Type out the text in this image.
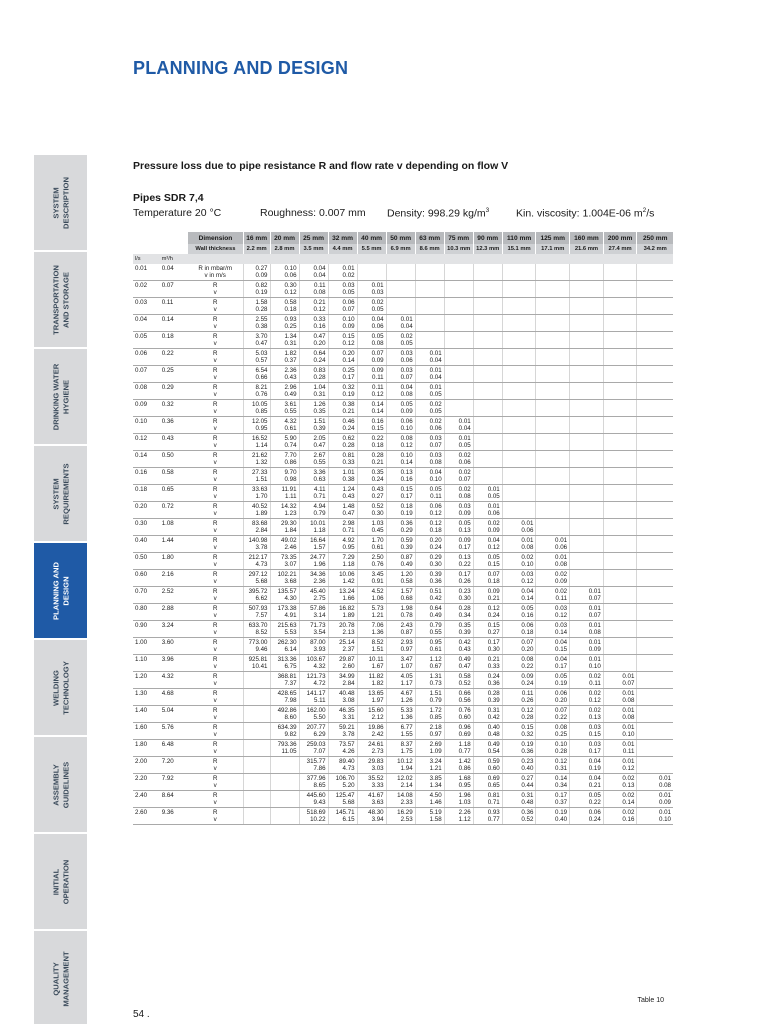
PLANNING AND DESIGN
SYSTEM
DESCRIPTION
TRANSPORTATION
AND STORAGE
DRINKING WATER
HYGIENE
SYSTEM
REQUIREMENTS
PLANNING AND
DESIGN
WELDING
TECHNOLOGY
ASSEMBLY
GUIDELINES
INITIAL
OPERATION
QUALITY
MANAGEMENT
Pressure loss due to pipe resistance R and flow rate v depending on flow V
Pipes SDR 7,4
Temperature 20 °C	Roughness: 0.007 mm Density: 998.29 $kg/m^3$	Kin. viscosity: 1.004E-06 $m^2/s$
		Dimension	16 mm	20 mm	25 mm	32 mm	40 mm	50 mm	63 mm	75 mm	90 mm	110 mm	125 mm	160 mm	200 mm	250 mm
		Wall thickness	2.2 mm	2.8 mm	3.5 mm	4.4 mm	5.5 mm	6.9 mm	8.6 mm	10.3 mm	12.3 mm	15.1 mm	17.1 mm	21.6 mm	27.4 mm	34.2 mm
l/s	m³/h															
0.01	0.04	R in mbar/m	0.27	0.10	0.04	0.01										
		v in m/s	0.09	0.06	0.04	0.02										
0.02	0.07	R	0.82	0.30	0.11	0.03	0.01									
		v	0.19	0.12	0.08	0.05	0.03									
0.03	0.11	R	1.58	0.58	0.21	0.06	0.02									
		v	0.28	0.18	0.12	0.07	0.05									
0.04	0.14	R	2.55	0.93	0.33	0.10	0.04	0.01								
		v	0.38	0.25	0.16	0.09	0.06	0.04								
0.05	0.18	R	3.70	1.34	0.47	0.15	0.05	0.02								
		v	0.47	0.31	0.20	0.12	0.08	0.05								
0.06	0.22	R	5.03	1.82	0.64	0.20	0.07	0.03	0.01							
		v	0.57	0.37	0.24	0.14	0.09	0.06	0.04							
0.07	0.25	R	6.54	2.36	0.83	0.25	0.09	0.03	0.01							
		v	0.66	0.43	0.28	0.17	0.11	0.07	0.04							
0.08	0.29	R	8.21	2.96	1.04	0.32	0.11	0.04	0.01							
		v	0.76	0.49	0.31	0.19	0.12	0.08	0.05							
0.09	0.32	R	10.05	3.61	1.26	0.38	0.14	0.05	0.02							
		v	0.85	0.55	0.35	0.21	0.14	0.09	0.05							
0.10	0.36	R	12.05	4.32	1.51	0.46	0.16	0.06	0.02	0.01						
		v	0.95	0.61	0.39	0.24	0.15	0.10	0.06	0.04						
0.12	0.43	R	16.52	5.90	2.05	0.62	0.22	0.08	0.03	0.01						
		v	1.14	0.74	0.47	0.28	0.18	0.12	0.07	0.05						
0.14	0.50	R	21.62	7.70	2.67	0.81	0.28	0.10	0.03	0.02						
		v	1.32	0.86	0.55	0.33	0.21	0.14	0.08	0.06						
0.16	0.58	R	27.33	9.70	3.36	1.01	0.35	0.13	0.04	0.02						
		v	1.51	0.98	0.63	0.38	0.24	0.16	0.10	0.07						
0.18	0.65	R	33.63	11.91	4.11	1.24	0.43	0.15	0.05	0.02	0.01					
		v	1.70	1.11	0.71	0.43	0.27	0.17	0.11	0.08	0.05					
0.20	0.72	R	40.52	14.32	4.94	1.48	0.52	0.18	0.06	0.03	0.01					
		v	1.89	1.23	0.79	0.47	0.30	0.19	0.12	0.09	0.06					
0.30	1.08	R	83.68	29.30	10.01	2.98	1.03	0.36	0.12	0.05	0.02	0.01				
		v	2.84	1.84	1.18	0.71	0.45	0.29	0.18	0.13	0.09	0.06				
0.40	1.44	R	140.98	49.02	16.64	4.92	1.70	0.59	0.20	0.09	0.04	0.01	0.01			
		v	3.78	2.46	1.57	0.95	0.61	0.39	0.24	0.17	0.12	0.08	0.06			
0.50	1.80	R	212.17	73.35	24.77	7.29	2.50	0.87	0.29	0.13	0.05	0.02	0.01			
		v	4.73	3.07	1.96	1.18	0.76	0.49	0.30	0.22	0.15	0.10	0.08			
0.60	2.16	R	297.12	102.21	34.36	10.06	3.45	1.20	0.39	0.17	0.07	0.03	0.02			
		v	5.68	3.68	2.36	1.42	0.91	0.58	0.36	0.26	0.18	0.12	0.09			
0.70	2.52	R	395.72	135.57	45.40	13.24	4.52	1.57	0.51	0.23	0.09	0.04	0.02	0.01		
		v	6.62	4.30	2.75	1.66	1.06	0.68	0.42	0.30	0.21	0.14	0.11	0.07		
0.80	2.88	R	507.93	173.38	57.86	16.82	5.73	1.98	0.64	0.28	0.12	0.05	0.03	0.01		
		v	7.57	4.91	3.14	1.89	1.21	0.78	0.49	0.34	0.24	0.16	0.12	0.07		
0.90	3.24	R	633.70	215.63	71.73	20.78	7.06	2.43	0.79	0.35	0.15	0.06	0.03	0.01		
		v	8.52	5.53	3.54	2.13	1.36	0.87	0.55	0.39	0.27	0.18	0.14	0.08		
1.00	3.60	R	773.00	262.30	87.00	25.14	8.52	2.93	0.95	0.42	0.17	0.07	0.04	0.01		
		v	9.46	6.14	3.93	2.37	1.51	0.97	0.61	0.43	0.30	0.20	0.15	0.09		
1.10	3.96	R	925.81	313.36	103.67	29.87	10.11	3.47	1.12	0.49	0.21	0.08	0.04	0.01		
		v	10.41	6.75	4.32	2.60	1.67	1.07	0.67	0.47	0.33	0.22	0.17	0.10		
1.20	4.32	R		368.81	121.73	34.99	11.82	4.05	1.31	0.58	0.24	0.09	0.05	0.02	0.01	
		v		7.37	4.72	2.84	1.82	1.17	0.73	0.52	0.36	0.24	0.19	0.11	0.07	
1.30	4.68	R		428.65	141.17	40.48	13.65	4.67	1.51	0.66	0.28	0.11	0.06	0.02	0.01	
		v		7.98	5.11	3.08	1.97	1.26	0.79	0.56	0.39	0.26	0.20	0.12	0.08	
1.40	5.04	R		492.86	162.00	46.35	15.60	5.33	1.72	0.76	0.31	0.12	0.07	0.02	0.01	
		v		8.60	5.50	3.31	2.12	1.36	0.85	0.60	0.42	0.28	0.22	0.13	0.08	
1.60	5.76	R		634.39	207.77	59.21	19.86	6.77	2.18	0.96	0.40	0.15	0.08	0.03	0.01	
		v		9.82	6.29	3.78	2.42	1.55	0.97	0.69	0.48	0.32	0.25	0.15	0.10	
1.80	6.48	R		793.36	259.03	73.57	24.61	8.37	2.69	1.18	0.49	0.19	0.10	0.03	0.01	
		v		11.05	7.07	4.26	2.73	1.75	1.09	0.77	0.54	0.36	0.28	0.17	0.11	
2.00	7.20	R			315.77	89.40	29.83	10.12	3.24	1.42	0.59	0.23	0.12	0.04	0.01	
		v			7.86	4.73	3.03	1.94	1.21	0.86	0.60	0.40	0.31	0.19	0.12	
2.20	7.92	R			377.96	106.70	35.52	12.02	3.85	1.68	0.69	0.27	0.14	0.04	0.02	0.01
		v			8.65	5.20	3.33	2.14	1.34	0.95	0.65	0.44	0.34	0.21	0.13	0.08
2.40	8.64	R			445.60	125.47	41.67	14.08	4.50	1.96	0.81	0.31	0.17	0.05	0.02	0.01
		v			9.43	5.68	3.63	2.33	1.46	1.03	0.71	0.48	0.37	0.22	0.14	0.09
2.60	9.36	R			518.69	145.71	48.30	16.29	5.19	2.26	0.93	0.36	0.19	0.06	0.02	0.01
		v			10.22	6.15	3.94	2.53	1.58	1.12	0.77	0.52	0.40	0.24	0.16	0.10
Table 10
54 .
